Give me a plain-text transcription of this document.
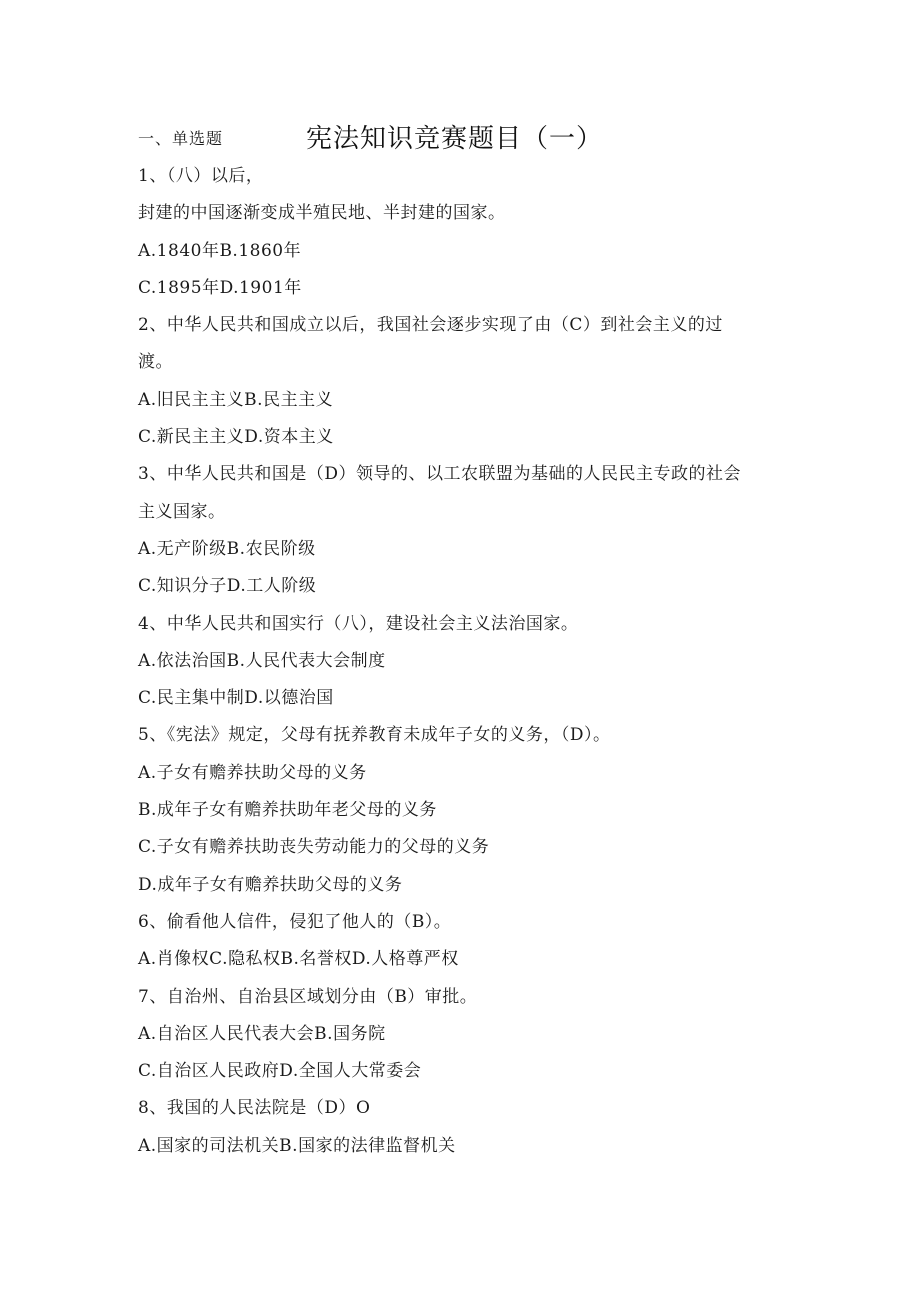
一、单选题	宪法知识竞赛题目（一）
1、（八）以后，
封建的中国逐渐变成半殖民地、半封建的国家。
A.1840年B.1860年
C.1895年D.1901年
2、中华人民共和国成立以后，我国社会逐步实现了由（C）到社会主义的过
渡。
A.旧民主主义B.民主主义
C.新民主主义D.资本主义
3、中华人民共和国是（D）领导的、以工农联盟为基础的人民民主专政的社会
主义国家。
A.无产阶级B.农民阶级
C.知识分子D.工人阶级
4、中华人民共和国实行（八），建设社会主义法治国家。
A.依法治国B.人民代表大会制度
C.民主集中制D.以德治国
5、《宪法》规定，父母有抚养教育未成年子女的义务，（D）。
A.子女有赡养扶助父母的义务
B.成年子女有赡养扶助年老父母的义务
C.子女有赡养扶助丧失劳动能力的父母的义务
D.成年子女有赡养扶助父母的义务
6、偷看他人信件，侵犯了他人的（B）。
A.肖像权C.隐私权B.名誉权D.人格尊严权
7、自治州、自治县区域划分由（B）审批。
A.自治区人民代表大会B.国务院
C.自治区人民政府D.全国人大常委会
8、我国的人民法院是（D）O
A.国家的司法机关B.国家的法律监督机关
